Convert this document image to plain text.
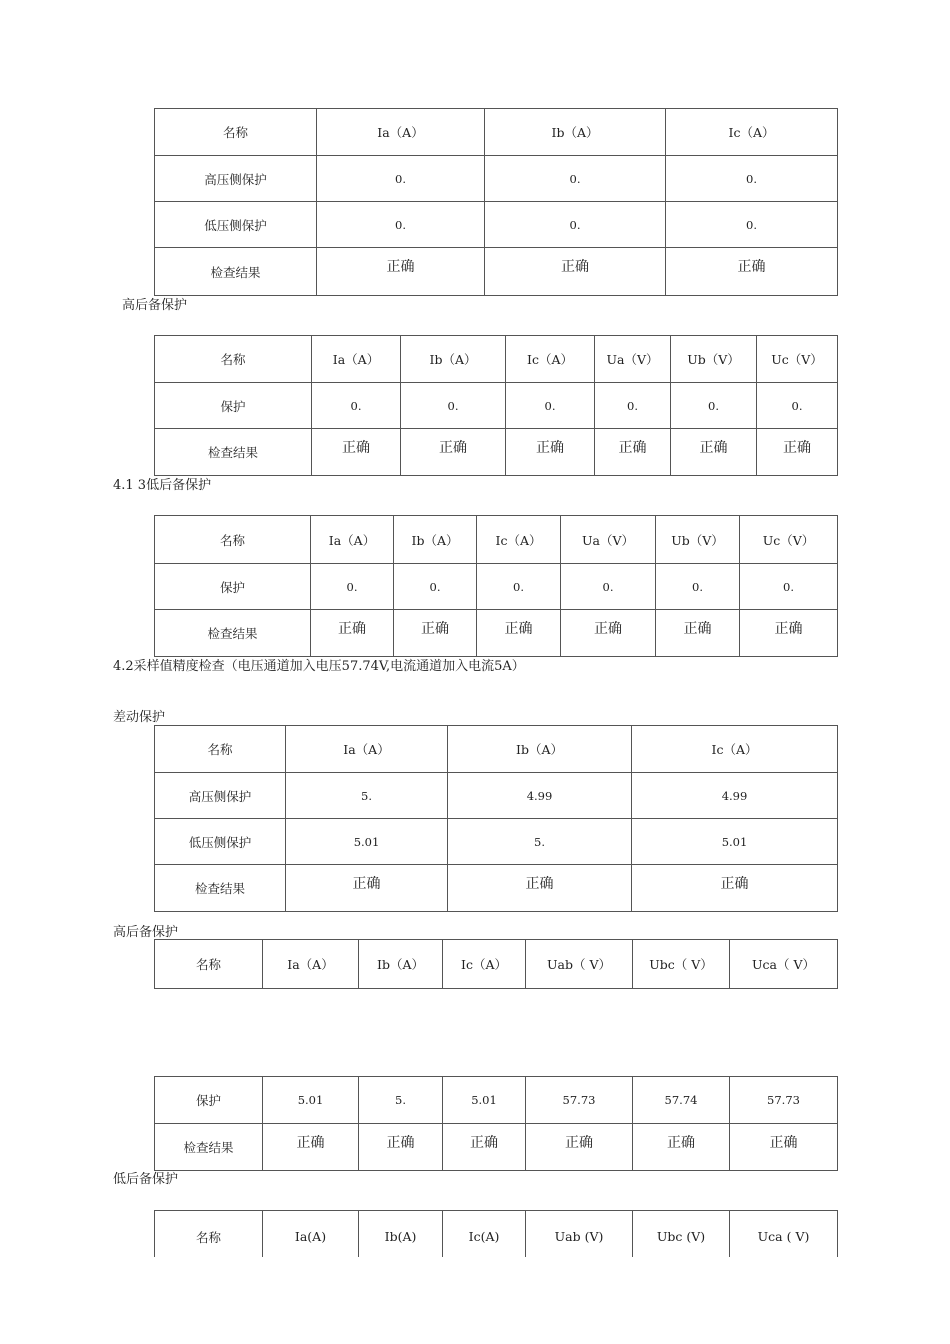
名称	Ia（A）	Ib（A）	Ic（A）
高压侧保护	0.	0.	0.
低压侧保护	0.	0.	0.
检查结果	正确	正确	正确
高后备保护
名称	Ia（A）	Ib（A）	Ic（A）	Ua（V）	Ub（V）	Uc（V）
保护	0.	0.	0.	0.	0.	0.
检查结果	正确	正确	正确	正确	正确	正确
4.1 3低后备保护
名称	Ia（A）	Ib（A）	Ic（A）	Ua（V）	Ub（V）	Uc（V）
保护	0.	0.	0.	0.	0.	0.
检查结果	正确	正确	正确	正确	正确	正确
4.2采样值精度检查（电压通道加入电压57.74V,电流通道加入电流5A）
差动保护
名称	Ia（A）	Ib（A）	Ic（A）
高压侧保护	5.	4.99	4.99
低压侧保护	5.01	5.	5.01
检查结果	正确	正确	正确
高后备保护
名称	Ia（A）	Ib（A）	Ic（A）	Uab（ V）	Ubc（ V）	Uca（ V）
保护	5.01	5.	5.01	57.73	57.74	57.73
检查结果	正确	正确	正确	正确	正确	正确
低后备保护
名称	Ia(A)	Ib(A)	Ic(A)	Uab (V)	Ubc (V)	Uca ( V)
